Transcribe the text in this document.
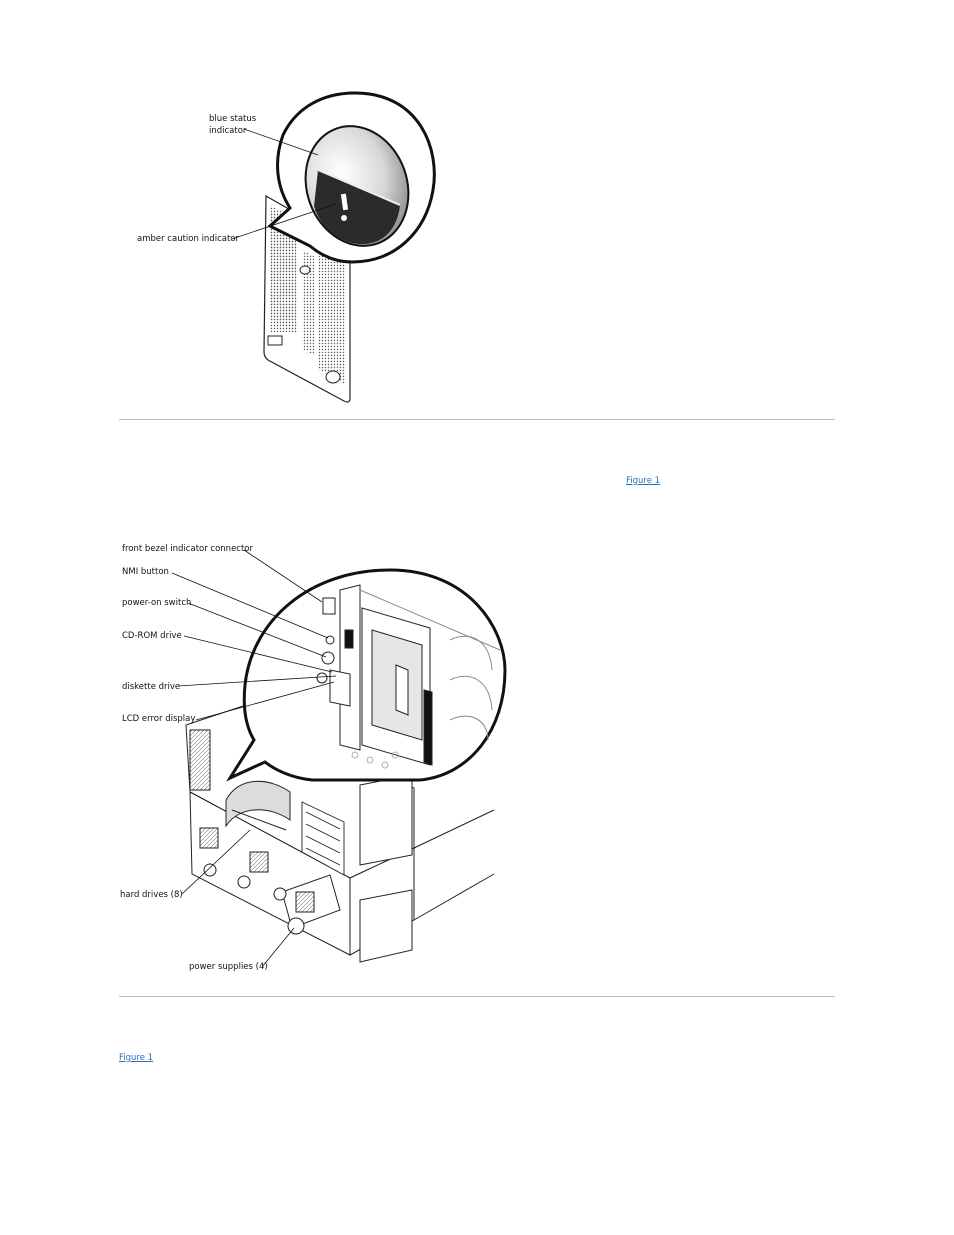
blue status
indicator
amber caution indicator
Figure 1
front bezel indicator connector
NMI button
power-on switch
CD-ROM drive
diskette drive
LCD error display
hard drives (8)
power supplies (4)
Figure 1
